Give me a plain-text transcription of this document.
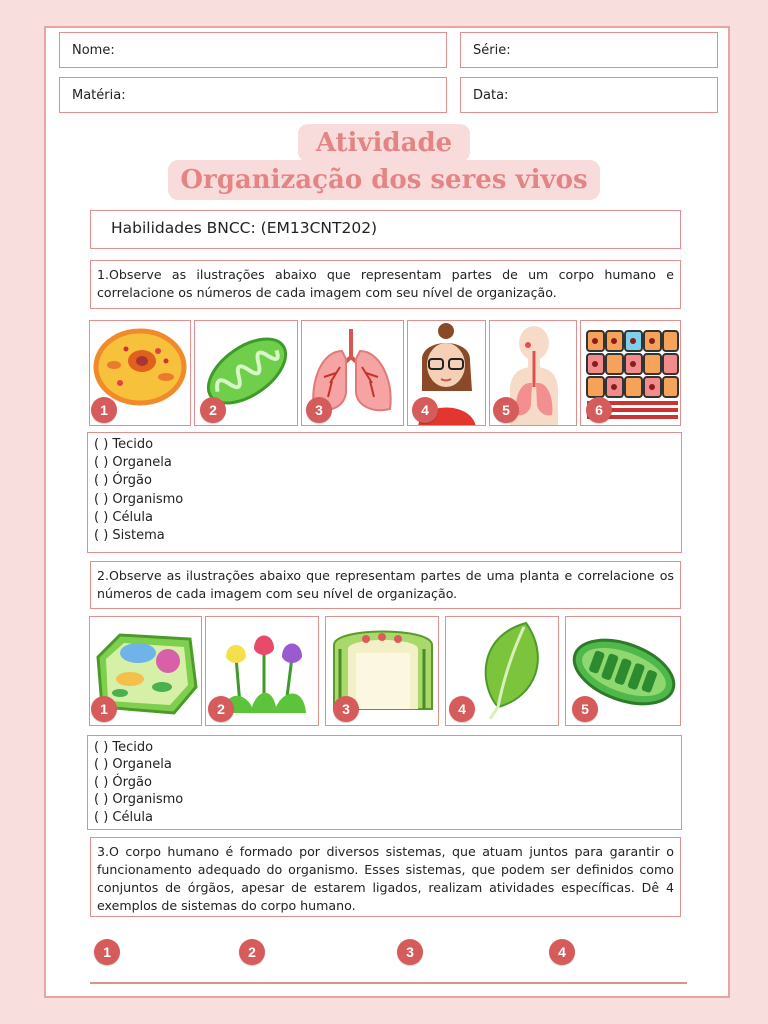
Nome:	Série:
Matéria:	Data:
Atividade
Organização dos seres vivos
Habilidades BNCC: (EM13CNT202)
1.Observe as ilustrações abaixo que representam partes de um corpo humano e correlacione os números de cada imagem com seu nível de organização.
1	2	3	4	5	6
( ) Tecido
( ) Organela
( ) Órgão
( ) Organismo
( ) Célula
( ) Sistema
2.Observe as ilustrações abaixo que representam partes de uma planta e correlacione os números de cada imagem com seu nível de organização.
1	2	3	4	5
( ) Tecido
( ) Organela
( ) Órgão
( ) Organismo
( ) Célula
3.O corpo humano é formado por diversos sistemas, que atuam juntos para garantir o funcionamento adequado do organismo. Esses sistemas, que podem ser definidos como conjuntos de órgãos, apesar de estarem ligados, realizam atividades específicas. Dê 4 exemplos de sistemas do corpo humano.
1	2	3	4
